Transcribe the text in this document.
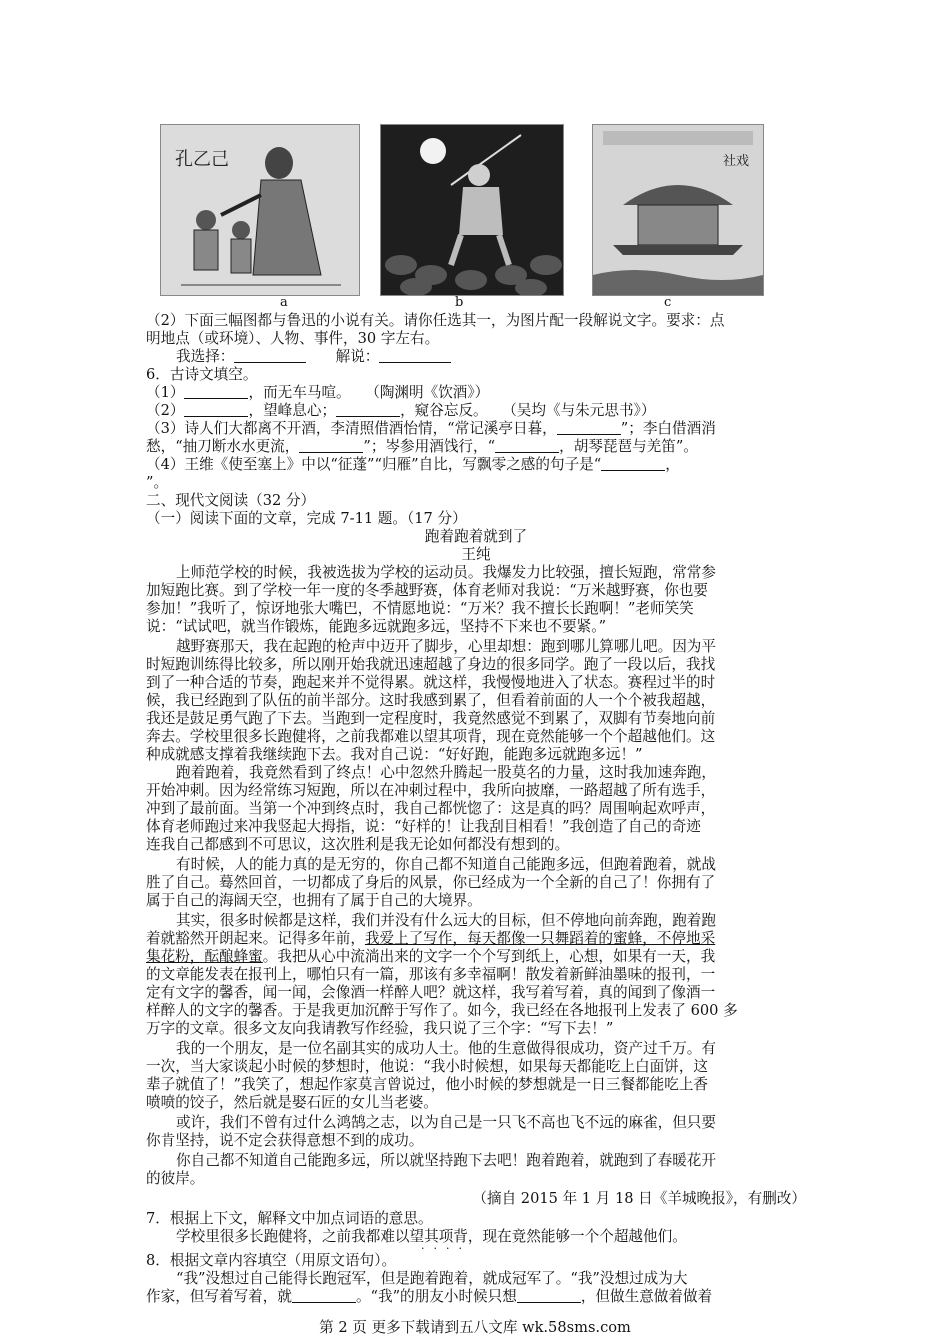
孔乙己	社戏
a	b	c
（2）下面三幅图都与鲁迅的小说有关。请你任选其一，为图片配一段解说文字。要求：点
明地点（或环境）、人物、事件，30 字左右。
我选择：　　	解说：
6．古诗文填空。
（1）	，而无车马喧。　　（陶渊明《饮酒》）
（2）	，望峰息心；	，窥谷忘反。　　（吴均《与朱元思书》）
（3）诗人们大都离不开酒，李清照借酒怡情，“常记溪亭日暮，	”；李白借酒消
愁，“抽刀断水水更流，	”；岑参用酒饯行，“	，胡琴琵琶与羌笛”。
（4）王维《使至塞上》中以“征蓬”“归雁”自比，写飘零之感的句子是“	，
”。
二、现代文阅读（32 分）
（一）阅读下面的文章，完成 7-11 题。（17 分）
跑着跑着就到了
王纯
上师范学校的时候，我被选拔为学校的运动员。我爆发力比较强，擅长短跑，常常参
加短跑比赛。到了学校一年一度的冬季越野赛，体育老师对我说：“万米越野赛，你也要
参加！”我听了，惊讶地张大嘴巴，不情愿地说：“万米？我不擅长长跑啊！”老师笑笑
说：“试试吧，就当作锻炼，能跑多远就跑多远，坚持不下来也不要紧。”
越野赛那天，我在起跑的枪声中迈开了脚步，心里却想：跑到哪儿算哪儿吧。因为平
时短跑训练得比较多，所以刚开始我就迅速超越了身边的很多同学。跑了一段以后，我找
到了一种合适的节奏，跑起来并不觉得累。就这样，我慢慢地进入了状态。赛程过半的时
候，我已经跑到了队伍的前半部分。这时我感到累了，但看着前面的人一个个被我超越，
我还是鼓足勇气跑了下去。当跑到一定程度时，我竟然感觉不到累了，双脚有节奏地向前
奔去。学校里很多长跑健将，之前我都难以望其项背，现在竟然能够一个个超越他们。这
种成就感支撑着我继续跑下去。我对自己说：“好好跑，能跑多远就跑多远！”
跑着跑着，我竟然看到了终点！心中忽然升腾起一股莫名的力量，这时我加速奔跑，
开始冲刺。因为经常练习短跑，所以在冲刺过程中，我所向披靡，一路超越了所有选手，
冲到了最前面。当第一个冲到终点时，我自己都恍惚了：这是真的吗？周围响起欢呼声，
体育老师跑过来冲我竖起大拇指，说：“好样的！让我刮目相看！”我创造了自己的奇迹
连我自己都感到不可思议，这次胜利是我无论如何都没有想到的。
有时候，人的能力真的是无穷的，你自己都不知道自己能跑多远，但跑着跑着，就战
胜了自己。蓦然回首，一切都成了身后的风景，你已经成为一个全新的自己了！你拥有了
属于自己的海阔天空，也拥有了属于自己的大境界。
其实，很多时候都是这样，我们并没有什么远大的目标，但不停地向前奔跑，跑着跑
着就豁然开朗起来。记得多年前，我爱上了写作，每天都像一只舞蹈着的蜜蜂，不停地采
集花粉，酝酿蜂蜜。我把从心中流淌出来的文字一个个写到纸上，心想，如果有一天，我
的文章能发表在报刊上，哪怕只有一篇，那该有多幸福啊！散发着新鲜油墨味的报刊，一
定有文字的馨香，闻一闻，会像酒一样醉人吧？就这样，我写着写着，真的闻到了像酒一
样醉人的文字的馨香。于是我更加沉醉于写作了。如今，我已经在各地报刊上发表了 600 多
万字的文章。很多文友向我请教写作经验，我只说了三个字：“写下去！”
我的一个朋友，是一位名副其实的成功人士。他的生意做得很成功，资产过千万。有
一次，当大家谈起小时候的梦想时，他说：“我小时候想，如果每天都能吃上白面饼，这
辈子就值了！”我笑了，想起作家莫言曾说过，他小时候的梦想就是一日三餐都能吃上香
喷喷的饺子，然后就是娶石匠的女儿当老婆。
或许，我们不曾有过什么鸿鹄之志，以为自己是一只飞不高也飞不远的麻雀，但只要
你肯坚持，说不定会获得意想不到的成功。
你自己都不知道自己能跑多远，所以就坚持跑下去吧！跑着跑着，就跑到了春暖花开
的彼岸。
（摘自 2015 年 1 月 18 日《羊城晚报》，有删改）
7．根据上下文，解释文中加点词语的意思。
学校里很多长跑健将，之前我都难以望其项背，现在竟然能够一个个超越他们。
····
8．根据文章内容填空（用原文语句）。
“我”没想过自己能得长跑冠军，但是跑着跑着，就成冠军了。“我”没想过成为大
作家，但写着写着，就	。“我”的朋友小时候只想	，但做生意做着做着
第 2 页 更多下载请到五八文库 wk.58sms.com
